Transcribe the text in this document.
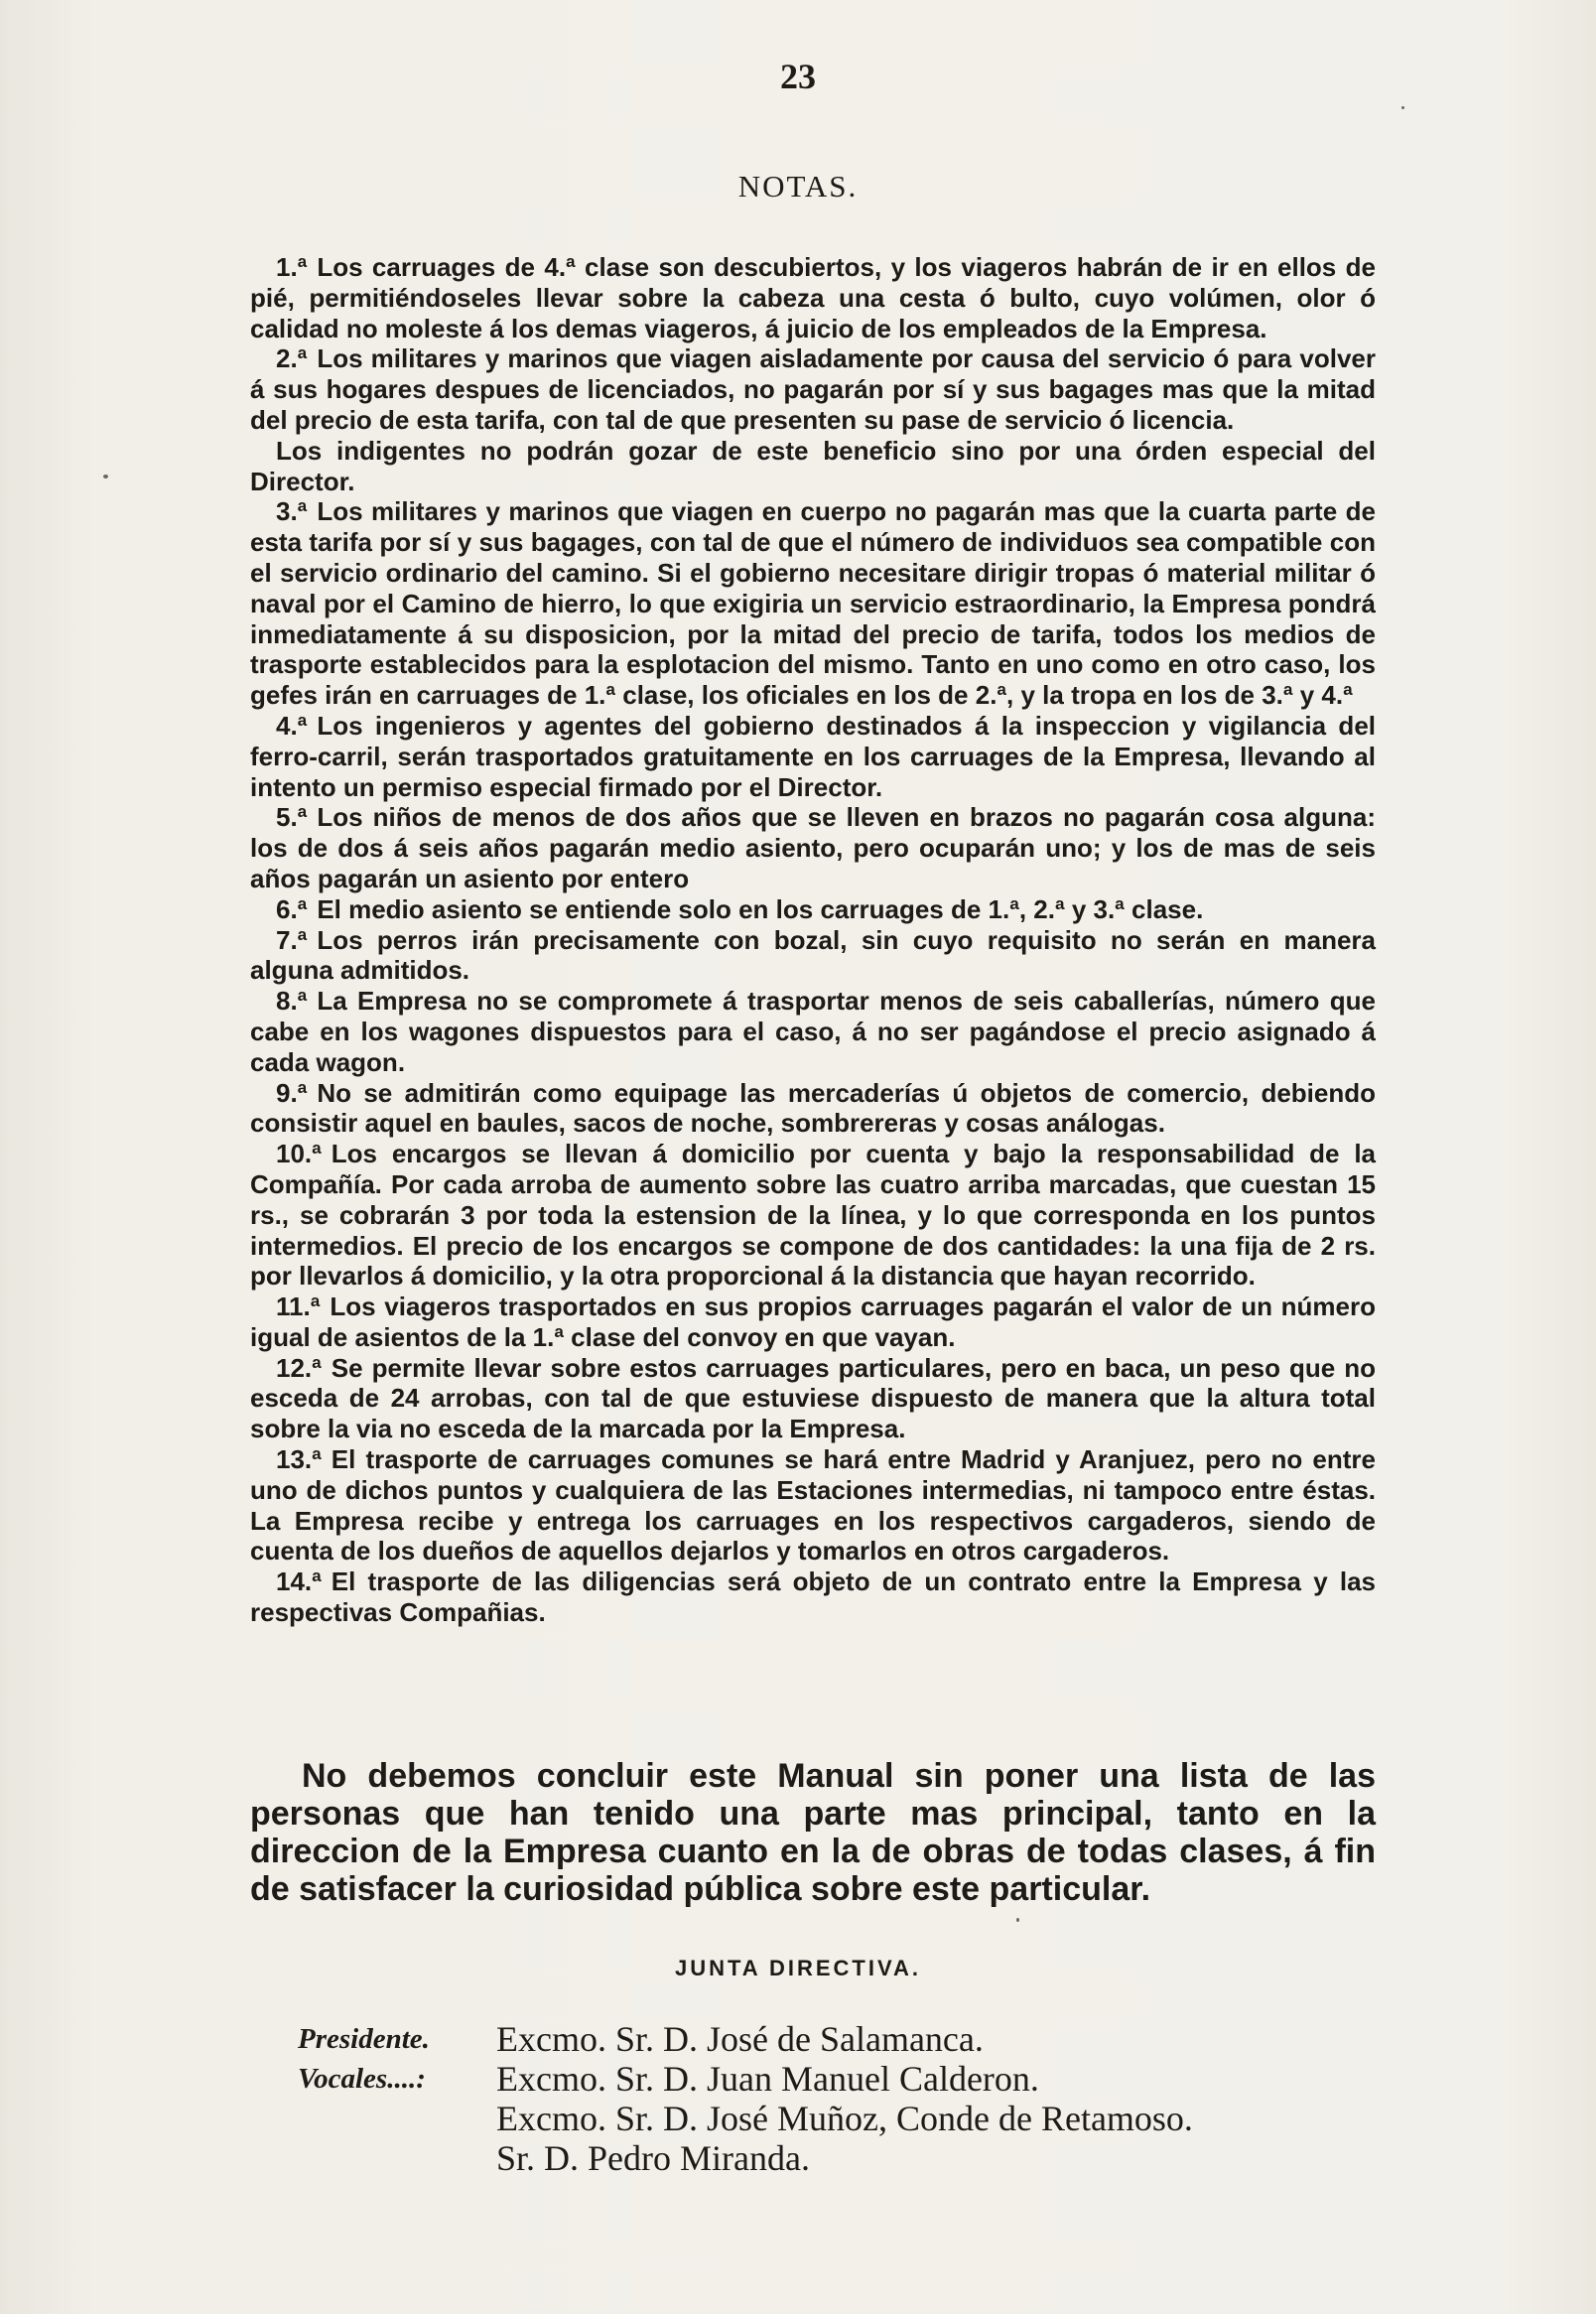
23
NOTAS.

1.ª Los carruages de 4.ª clase son descubiertos, y los viageros habrán de ir en ellos de pié, permitiéndoseles llevar sobre la cabeza una cesta ó bulto, cuyo volúmen, olor ó calidad no moleste á los demas viageros, á juicio de los empleados de la Empresa.

2.ª Los militares y marinos que viagen aisladamente por causa del servicio ó para volver á sus hogares despues de licenciados, no pagarán por sí y sus bagages mas que la mitad del precio de esta tarifa, con tal de que presenten su pase de servicio ó licencia.

Los indigentes no podrán gozar de este beneficio sino por una órden especial del Director.

3.ª Los militares y marinos que viagen en cuerpo no pagarán mas que la cuarta parte de esta tarifa por sí y sus bagages, con tal de que el número de individuos sea compatible con el servicio ordinario del camino. Si el gobierno necesitare dirigir tropas ó material militar ó naval por el Camino de hierro, lo que exigiria un servicio estraordinario, la Empresa pondrá inmediatamente á su disposicion, por la mitad del precio de tarifa, todos los medios de trasporte establecidos para la esplotacion del mismo. Tanto en uno como en otro caso, los gefes irán en carruages de 1.ª clase, los oficiales en los de 2.ª, y la tropa en los de 3.ª y 4.ª

4.ª Los ingenieros y agentes del gobierno destinados á la inspeccion y vigilancia del ferro-carril, serán trasportados gratuitamente en los carruages de la Empresa, llevando al intento un permiso especial firmado por el Director.

5.ª Los niños de menos de dos años que se lleven en brazos no pagarán cosa alguna: los de dos á seis años pagarán medio asiento, pero ocuparán uno; y los de mas de seis años pagarán un asiento por entero

6.ª El medio asiento se entiende solo en los carruages de 1.ª, 2.ª y 3.ª clase.

7.ª Los perros irán precisamente con bozal, sin cuyo requisito no serán en manera alguna admitidos.

8.ª La Empresa no se compromete á trasportar menos de seis caballerías, número que cabe en los wagones dispuestos para el caso, á no ser pagándose el precio asignado á cada wagon.

9.ª No se admitirán como equipage las mercaderías ú objetos de comercio, debiendo consistir aquel en baules, sacos de noche, sombrereras y cosas análogas.

10.ª Los encargos se llevan á domicilio por cuenta y bajo la responsabilidad de la Compañía. Por cada arroba de aumento sobre las cuatro arriba marcadas, que cuestan 15 rs., se cobrarán 3 por toda la estension de la línea, y lo que corresponda en los puntos intermedios. El precio de los encargos se compone de dos cantidades: la una fija de 2 rs. por llevarlos á domicilio, y la otra proporcional á la distancia que hayan recorrido.

11.ª Los viageros trasportados en sus propios carruages pagarán el valor de un número igual de asientos de la 1.ª clase del convoy en que vayan.

12.ª Se permite llevar sobre estos carruages particulares, pero en baca, un peso que no esceda de 24 arrobas, con tal de que estuviese dispuesto de manera que la altura total sobre la via no esceda de la marcada por la Empresa.

13.ª El trasporte de carruages comunes se hará entre Madrid y Aranjuez, pero no entre uno de dichos puntos y cualquiera de las Estaciones intermedias, ni tampoco entre éstas. La Empresa recibe y entrega los carruages en los respectivos cargaderos, siendo de cuenta de los dueños de aquellos dejarlos y tomarlos en otros cargaderos.

14.ª El trasporte de las diligencias será objeto de un contrato entre la Empresa y las respectivas Compañias.

No debemos concluir este Manual sin poner una lista de las personas que han tenido una parte mas principal, tanto en la direccion de la Empresa cuanto en la de obras de todas clases, á fin de satisfacer la curiosidad pública sobre este particular.

JUNTA DIRECTIVA.
Presidente.	Excmo. Sr. D. José de Salamanca.
Vocales....:	Excmo. Sr. D. Juan Manuel Calderon.
Excmo. Sr. D. José Muñoz, Conde de Retamoso.
Sr. D. Pedro Miranda.
